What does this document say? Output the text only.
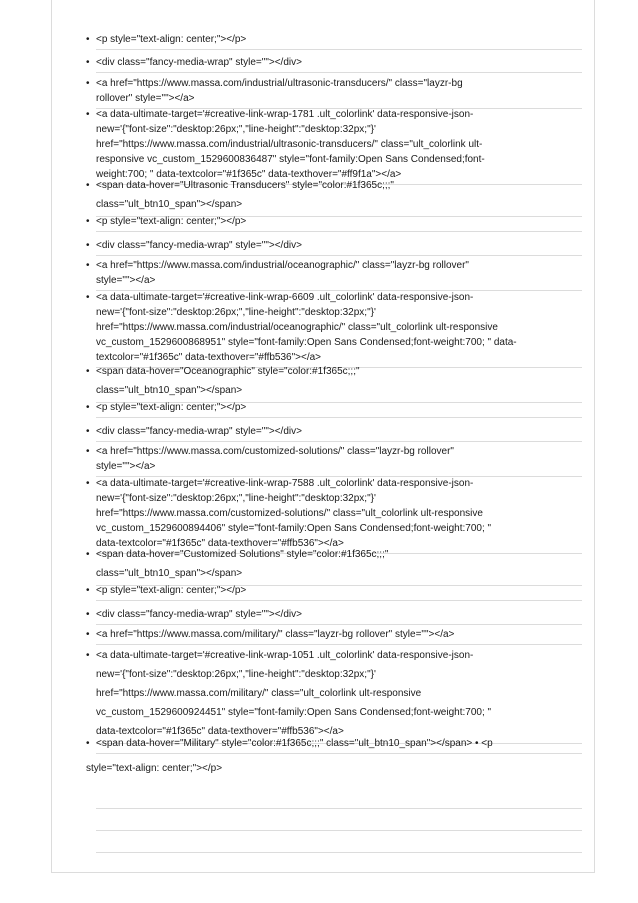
• <p style="text-align: center;"></p>
• <div class="fancy-media-wrap" style=""></div>
• <a href="https://www.massa.com/industrial/ultrasonic-transducers/" class="layzr-bg
rollover" style=""></a>
• <a data-ultimate-target='#creative-link-wrap-1781 .ult_colorlink' data-responsive-json-
new='{"font-size":"desktop:26px;","line-height":"desktop:32px;"}'
href="https://www.massa.com/industrial/ultrasonic-transducers/" class="ult_colorlink ult-
responsive vc_custom_1529600836487" style="font-family:Open Sans Condensed;font-
weight:700; " data-textcolor="#1f365c" data-texthover="#ff9f1a"></a>
• <span data-hover="Ultrasonic Transducers" style="color:#1f365c;;;"
class="ult_btn10_span"></span>
• <p style="text-align: center;"></p>
• <div class="fancy-media-wrap" style=""></div>
• <a href="https://www.massa.com/industrial/oceanographic/" class="layzr-bg rollover"
style=""></a>
• <a data-ultimate-target='#creative-link-wrap-6609 .ult_colorlink' data-responsive-json-
new='{"font-size":"desktop:26px;","line-height":"desktop:32px;"}'
href="https://www.massa.com/industrial/oceanographic/" class="ult_colorlink ult-responsive
vc_custom_1529600868951" style="font-family:Open Sans Condensed;font-weight:700; " data-
textcolor="#1f365c" data-texthover="#ffb536"></a>
• <span data-hover="Oceanographic" style="color:#1f365c;;;"
class="ult_btn10_span"></span>
• <p style="text-align: center;"></p>
• <div class="fancy-media-wrap" style=""></div>
• <a href="https://www.massa.com/customized-solutions/" class="layzr-bg rollover"
style=""></a>
• <a data-ultimate-target='#creative-link-wrap-7588 .ult_colorlink' data-responsive-json-
new='{"font-size":"desktop:26px;","line-height":"desktop:32px;"}'
href="https://www.massa.com/customized-solutions/" class="ult_colorlink ult-responsive
vc_custom_1529600894406" style="font-family:Open Sans Condensed;font-weight:700; "
data-textcolor="#1f365c" data-texthover="#ffb536"></a>
• <span data-hover="Customized Solutions" style="color:#1f365c;;;"
class="ult_btn10_span"></span>
• <p style="text-align: center;"></p>
• <div class="fancy-media-wrap" style=""></div>
• <a href="https://www.massa.com/military/" class="layzr-bg rollover" style=""></a>
• <a data-ultimate-target='#creative-link-wrap-1051 .ult_colorlink' data-responsive-json-
new='{"font-size":"desktop:26px;","line-height":"desktop:32px;"}'
href="https://www.massa.com/military/" class="ult_colorlink ult-responsive
vc_custom_1529600924451" style="font-family:Open Sans Condensed;font-weight:700; "
data-textcolor="#1f365c" data-texthover="#ffb536"></a>
• <span data-hover="Military" style="color:#1f365c;;;" class="ult_btn10_span"></span> • <p
style="text-align: center;"></p>
